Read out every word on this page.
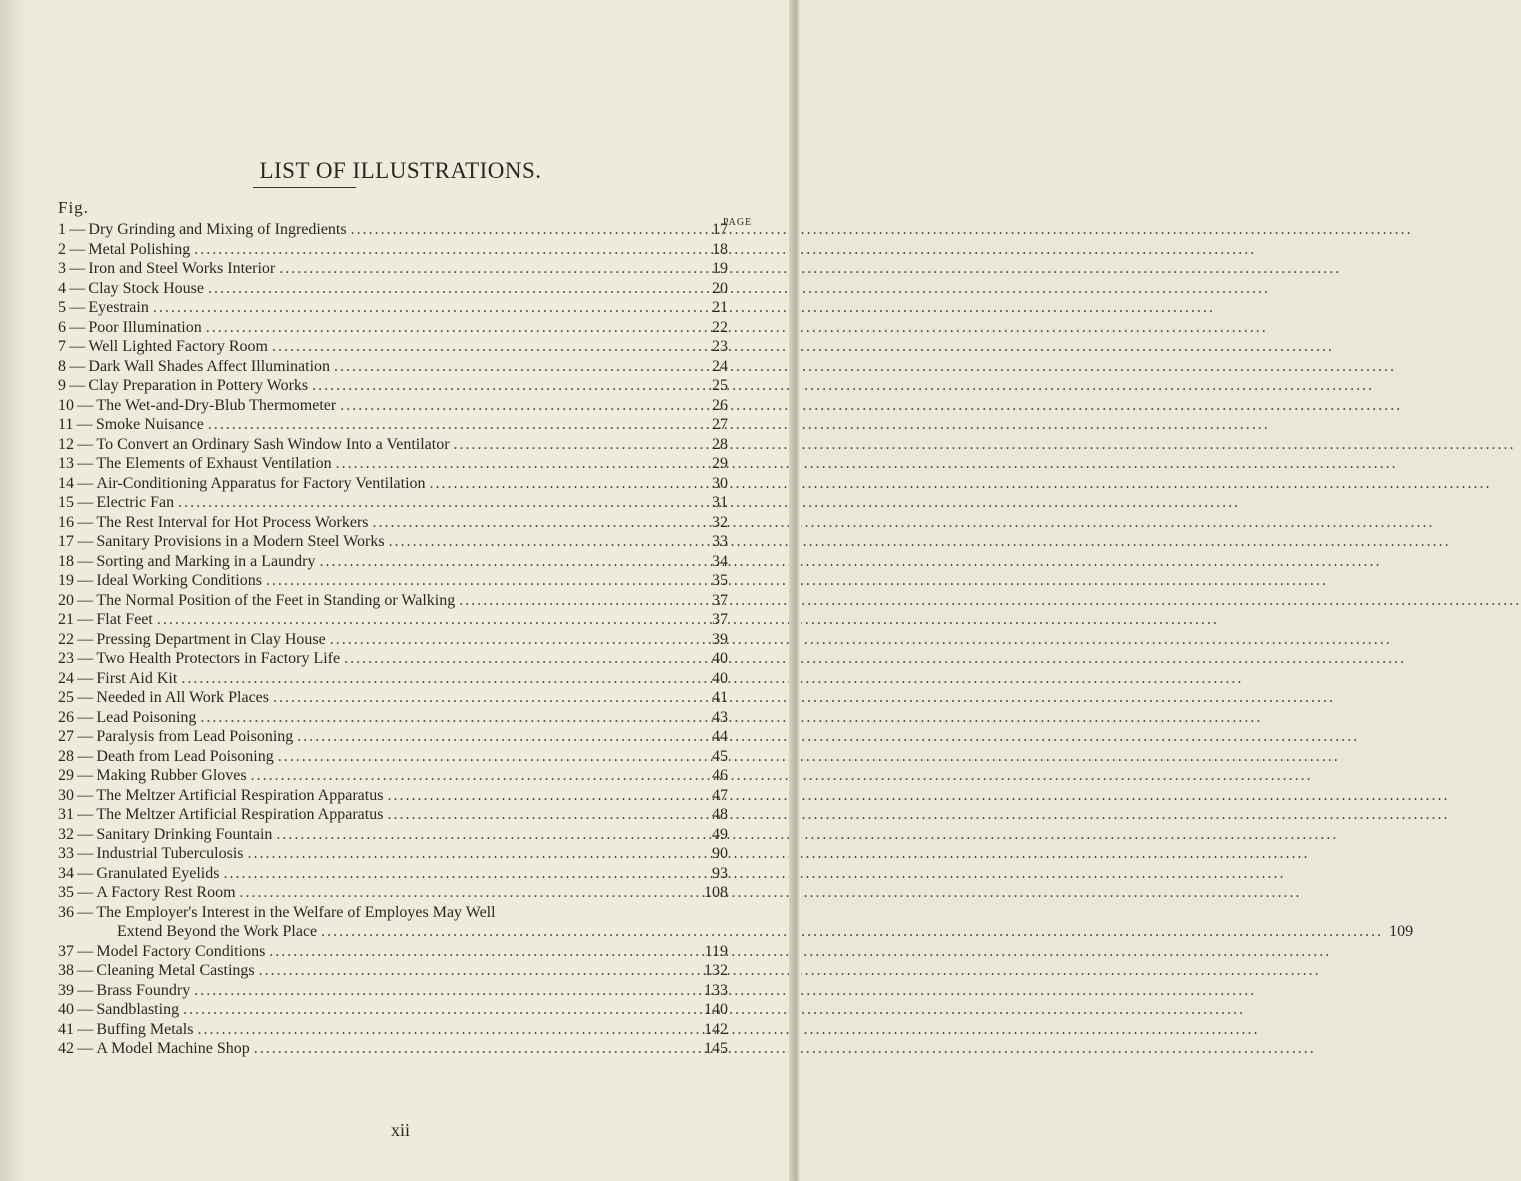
LIST OF ILLUSTRATIONS.
Fig.
PAGE
1  —  Dry Grinding and Mixing of Ingredients .....	17
2  —  Metal Polishing .....	18
3  —  Iron and Steel Works Interior .....	19
4  —  Clay Stock House .....	20
5  —  Eyestrain .....	21
6  —  Poor Illumination .....	22
7  —  Well Lighted Factory Room .....	23
8  —  Dark Wall Shades Affect Illumination .....	24
9  —  Clay Preparation in Pottery Works .....	25
10  —  The Wet-and-Dry-Blub Thermometer .....	26
11  —  Smoke Nuisance .....	27
12  —  To Convert an Ordinary Sash Window Into a Ventilator .....	28
13  —  The Elements of Exhaust Ventilation .....	29
14  —  Air-Conditioning Apparatus for Factory Ventilation .....	30
15  —  Electric Fan .....	31
16  —  The Rest Interval for Hot Process Workers .....	32
17  —  Sanitary Provisions in a Modern Steel Works .....	33
18  —  Sorting and Marking in a Laundry .....	34
19  —  Ideal Working Conditions .....	35
20  —  The Normal Position of the Feet in Standing or Walking .....	37
21  —  Flat Feet .....	37
22  —  Pressing Department in Clay House .....	39
23  —  Two Health Protectors in Factory Life .....	40
24  —  First Aid Kit .....	40
25  —  Needed in All Work Places .....	41
26  —  Lead Poisoning .....	43
27  —  Paralysis from Lead Poisoning .....	44
28  —  Death from Lead Poisoning .....	45
29  —  Making Rubber Gloves .....	46
30  —  The Meltzer Artificial Respiration Apparatus .....	47
31  —  The Meltzer Artificial Respiration Apparatus .....	48
32  —  Sanitary Drinking Fountain .....	49
33  —  Industrial Tuberculosis .....	90
34  —  Granulated Eyelids .....	93
35  —  A Factory Rest Room .....	108
36  —  The Employer's Interest in the Welfare of Employes May Well
Extend Beyond the Work Place .....	109
37  —  Model Factory Conditions .....	119
38  —  Cleaning Metal Castings .....	132
39  —  Brass Foundry .....	133
40  —  Sandblasting .....	140
41  —  Buffing Metals .....	142
42  —  A Model Machine Shop .....	145
xii
